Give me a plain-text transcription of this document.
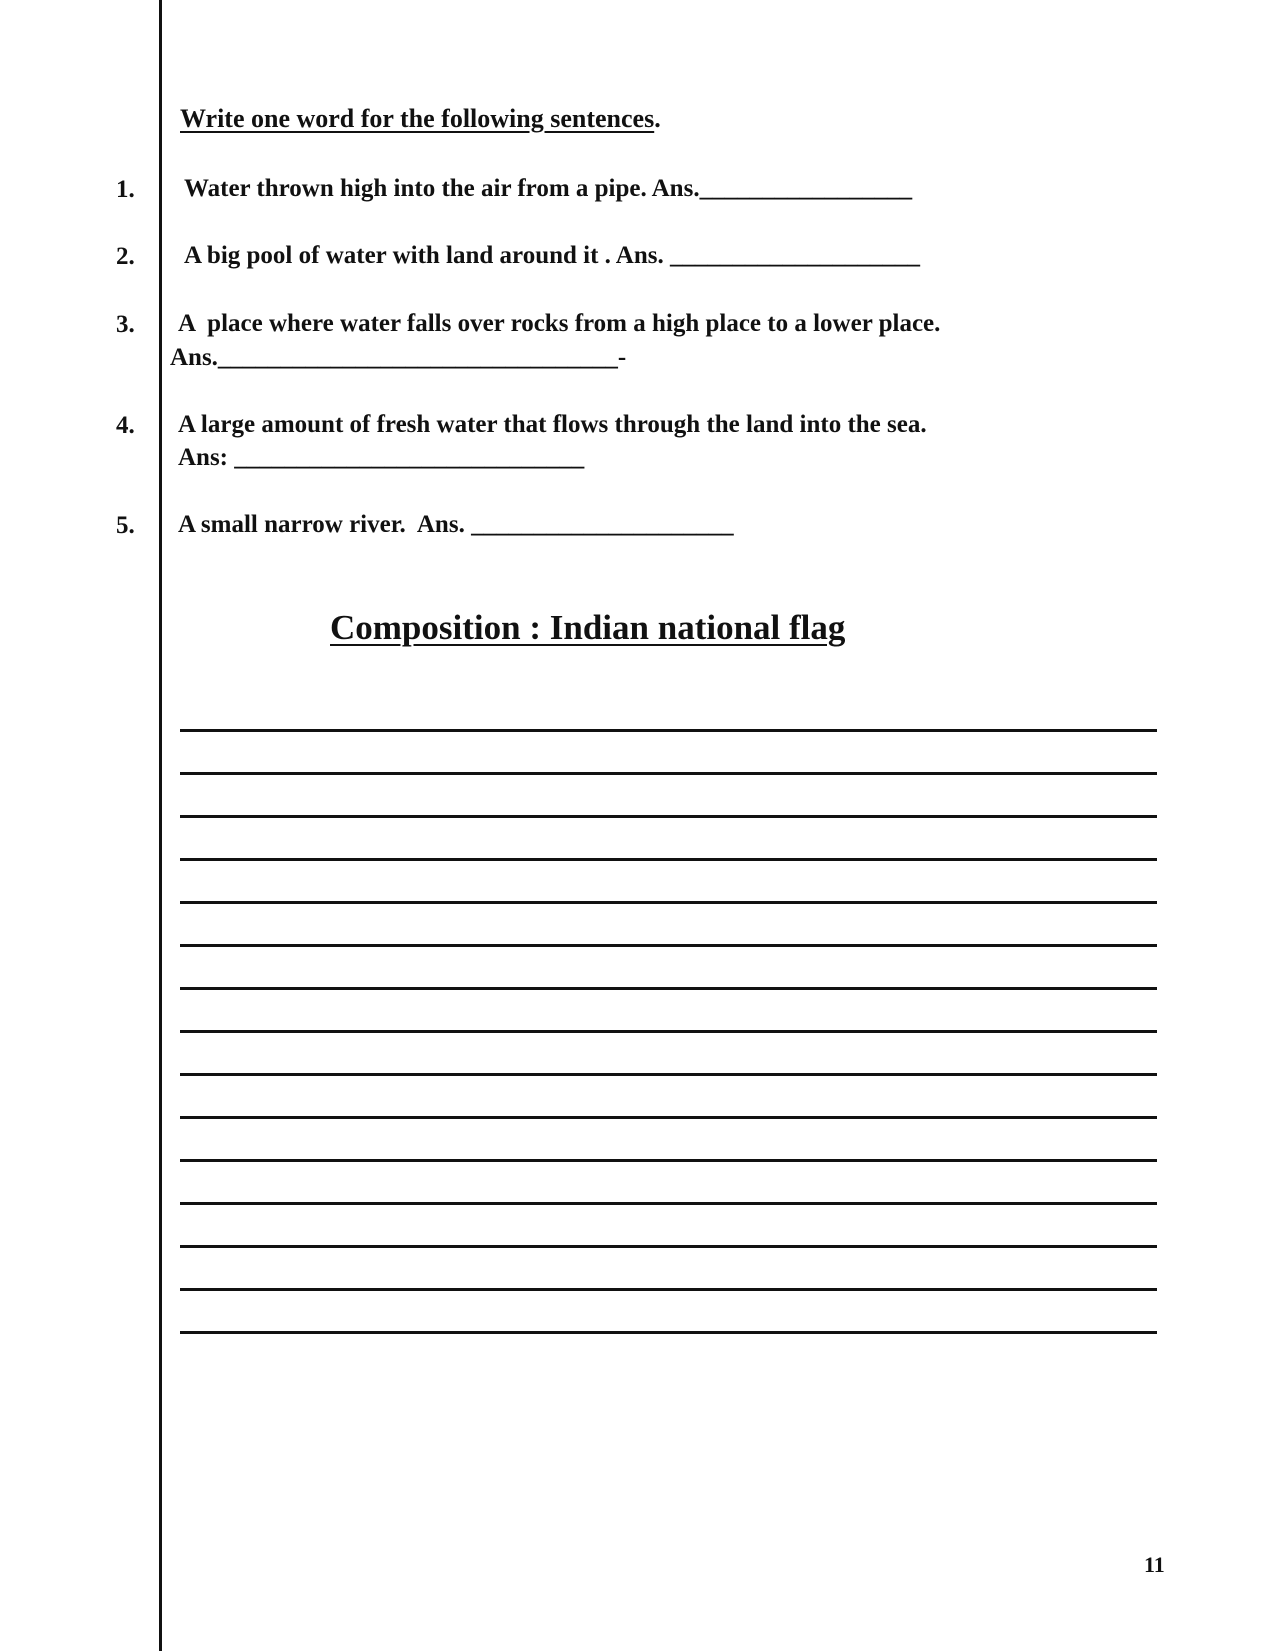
Write one word for the following sentences.
1. Water thrown high into the air from a pipe. Ans._________________
2. A big pool of water with land around it . Ans. ____________________
3. A  place where water falls over rocks from a high place to a lower place.
Ans.________________________________-
4. A large amount of fresh water that flows through the land into the sea.
Ans: ____________________________
5. A small narrow river.  Ans. _____________________
Composition : Indian national flag
11
